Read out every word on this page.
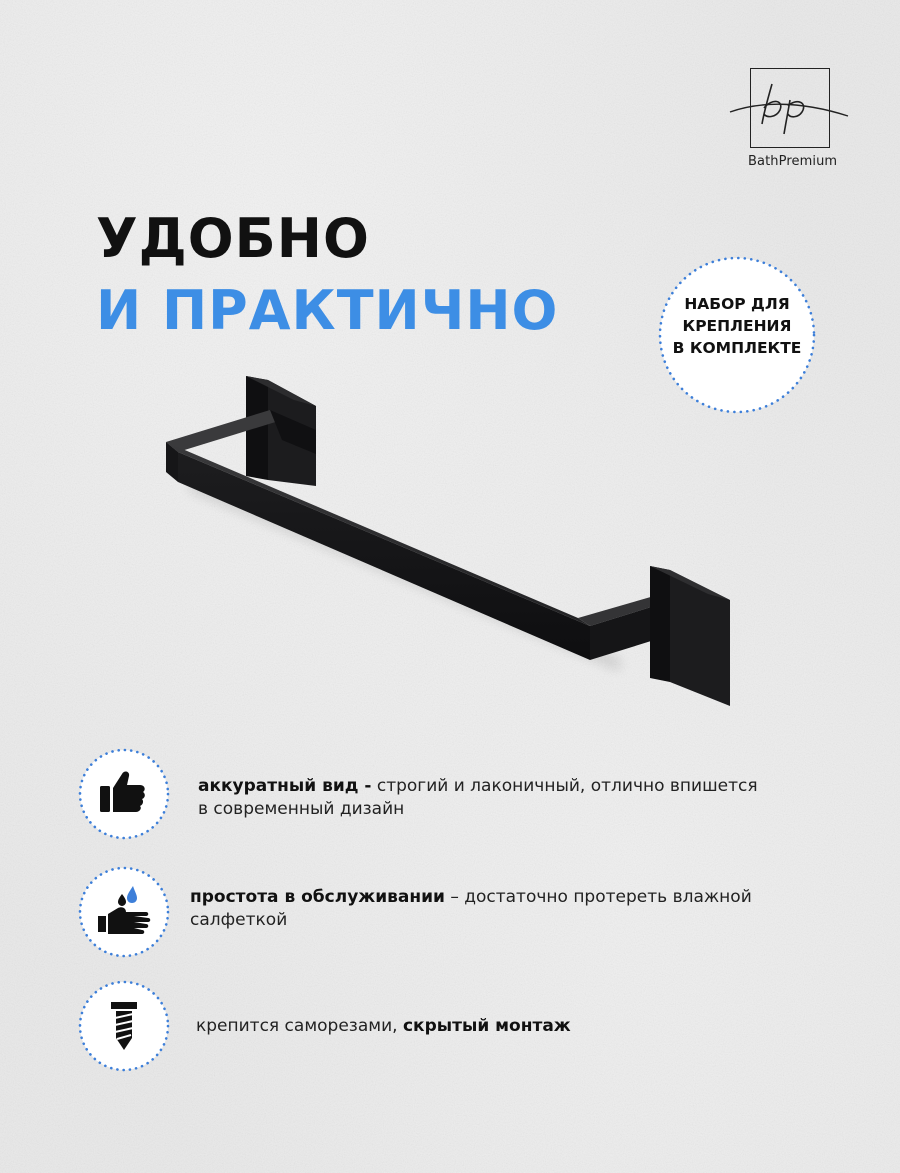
BathPremium
УДОБНО
И ПРАКТИЧНО	НАБОР ДЛЯ
КРЕПЛЕНИЯ
В КОМПЛЕКТЕ

аккуратный вид - строгий и лаконичный, отлично впишется
в современный дизайн

простота в обслуживании – достаточно протереть влажной
салфеткой

крепится саморезами, скрытый монтаж
